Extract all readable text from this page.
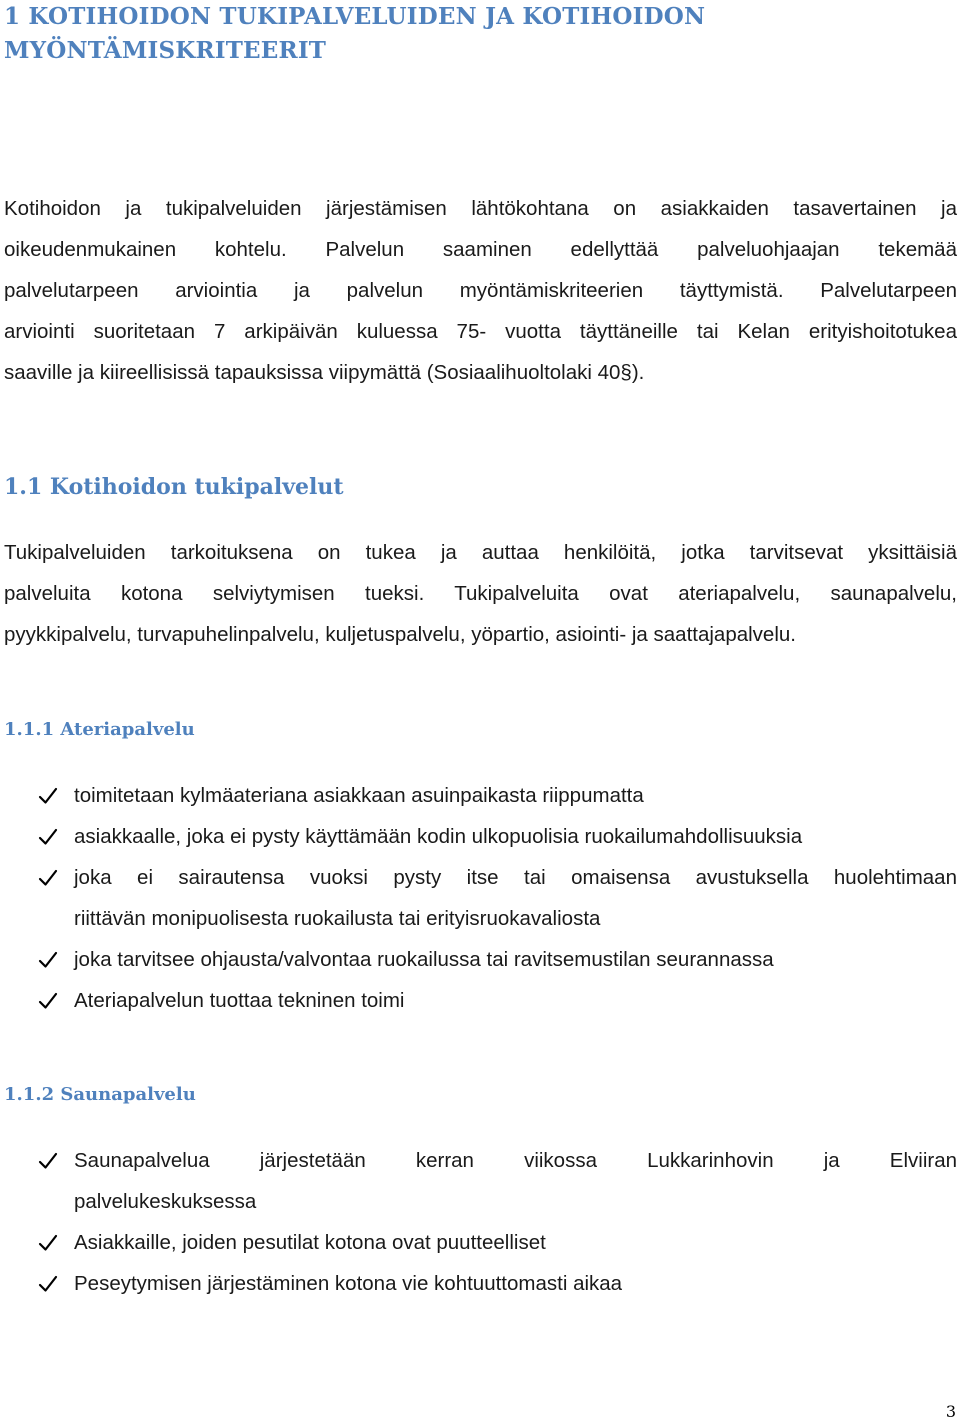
1 KOTIHOIDON TUKIPALVELUIDEN JA KOTIHOIDON
MYÖNTÄMISKRITEERIT

Kotihoidon ja tukipalveluiden järjestämisen lähtökohtana on asiakkaiden tasavertainen ja
oikeudenmukainen kohtelu. Palvelun saaminen edellyttää palveluohjaajan tekemää
palvelutarpeen arviointia ja palvelun myöntämiskriteerien täyttymistä. Palvelutarpeen
arviointi suoritetaan 7 arkipäivän kuluessa 75- vuotta täyttäneille tai Kelan erityishoitotukea
saaville ja kiireellisissä tapauksissa viipymättä (Sosiaalihuoltolaki 40§).

1.1 Kotihoidon tukipalvelut

Tukipalveluiden tarkoituksena on tukea ja auttaa henkilöitä, jotka tarvitsevat yksittäisiä
palveluita kotona selviytymisen tueksi. Tukipalveluita ovat ateriapalvelu, saunapalvelu,
pyykkipalvelu, turvapuhelinpalvelu, kuljetuspalvelu, yöpartio, asiointi- ja saattajapalvelu.

1.1.1 Ateriapalvelu
toimitetaan kylmäateriana asiakkaan asuinpaikasta riippumatta
asiakkaalle, joka ei pysty käyttämään kodin ulkopuolisia ruokailumahdollisuuksia
joka ei sairautensa vuoksi pysty itse tai omaisensa avustuksella huolehtimaan
riittävän monipuolisesta ruokailusta tai erityisruokavaliosta
joka tarvitsee ohjausta/valvontaa ruokailussa tai ravitsemustilan seurannassa
Ateriapalvelun tuottaa tekninen toimi
1.1.2 Saunapalvelu
Saunapalvelua järjestetään kerran viikossa Lukkarinhovin ja Elviiran
palvelukeskuksessa
Asiakkaille, joiden pesutilat kotona ovat puutteelliset
Peseytymisen järjestäminen kotona vie kohtuuttomasti aikaa
3
